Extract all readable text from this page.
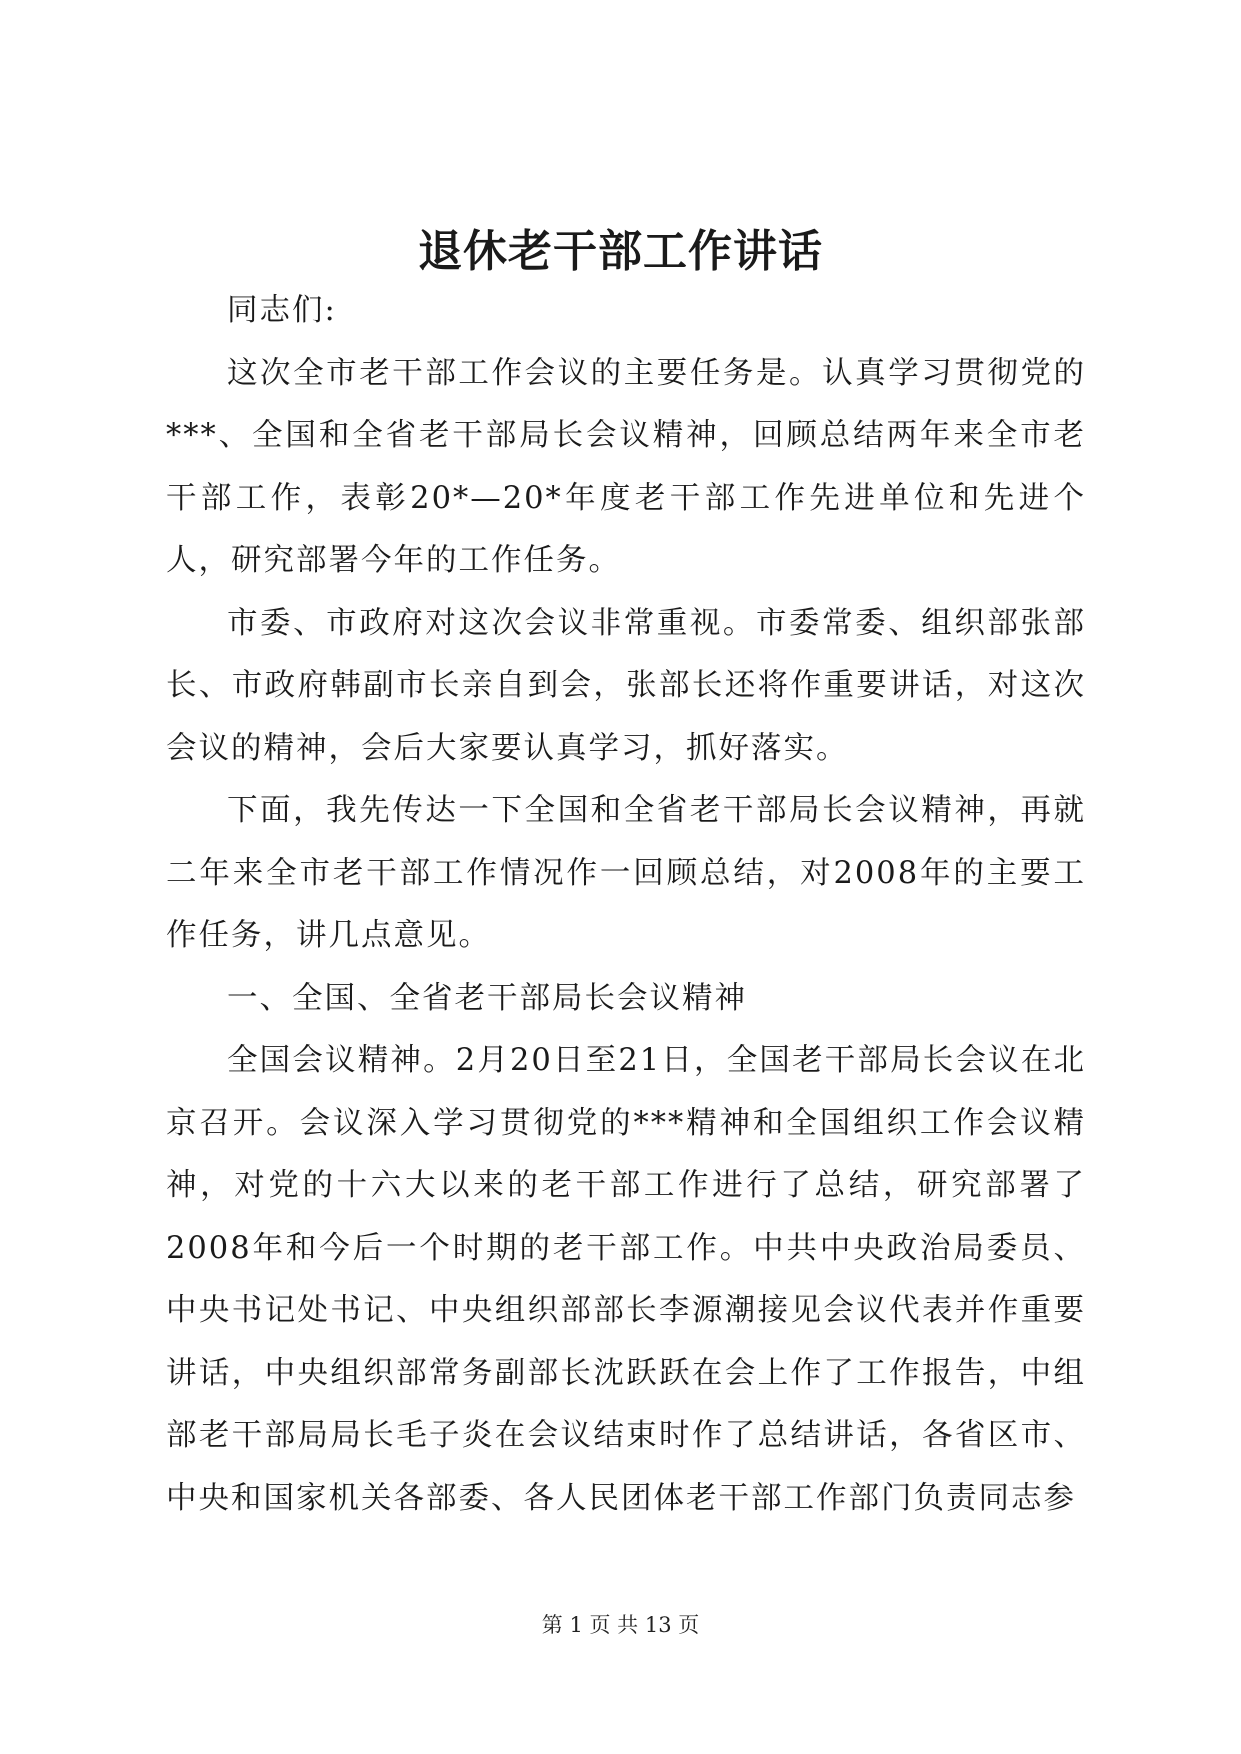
退休老干部工作讲话

同志们:

这次全市老干部工作会议的主要任务是。认真学习贯彻党的***、全国和全省老干部局长会议精神，回顾总结两年来全市老干部工作，表彰20*—20*年度老干部工作先进单位和先进个人，研究部署今年的工作任务。

市委、市政府对这次会议非常重视。市委常委、组织部张部长、市政府韩副市长亲自到会，张部长还将作重要讲话，对这次会议的精神，会后大家要认真学习，抓好落实。

下面，我先传达一下全国和全省老干部局长会议精神，再就二年来全市老干部工作情况作一回顾总结，对2008年的主要工作任务，讲几点意见。

一、全国、全省老干部局长会议精神

全国会议精神。2月20日至21日，全国老干部局长会议在北京召开。会议深入学习贯彻党的***精神和全国组织工作会议精神，对党的十六大以来的老干部工作进行了总结，研究部署了2008年和今后一个时期的老干部工作。中共中央政治局委员、中央书记处书记、中央组织部部长李源潮接见会议代表并作重要讲话，中央组织部常务副部长沈跃跃在会上作了工作报告，中组部老干部局局长毛子炎在会议结束时作了总结讲话，各省区市、中央和国家机关各部委、各人民团体老干部工作部门负责同志参

第 1 页 共 13 页
